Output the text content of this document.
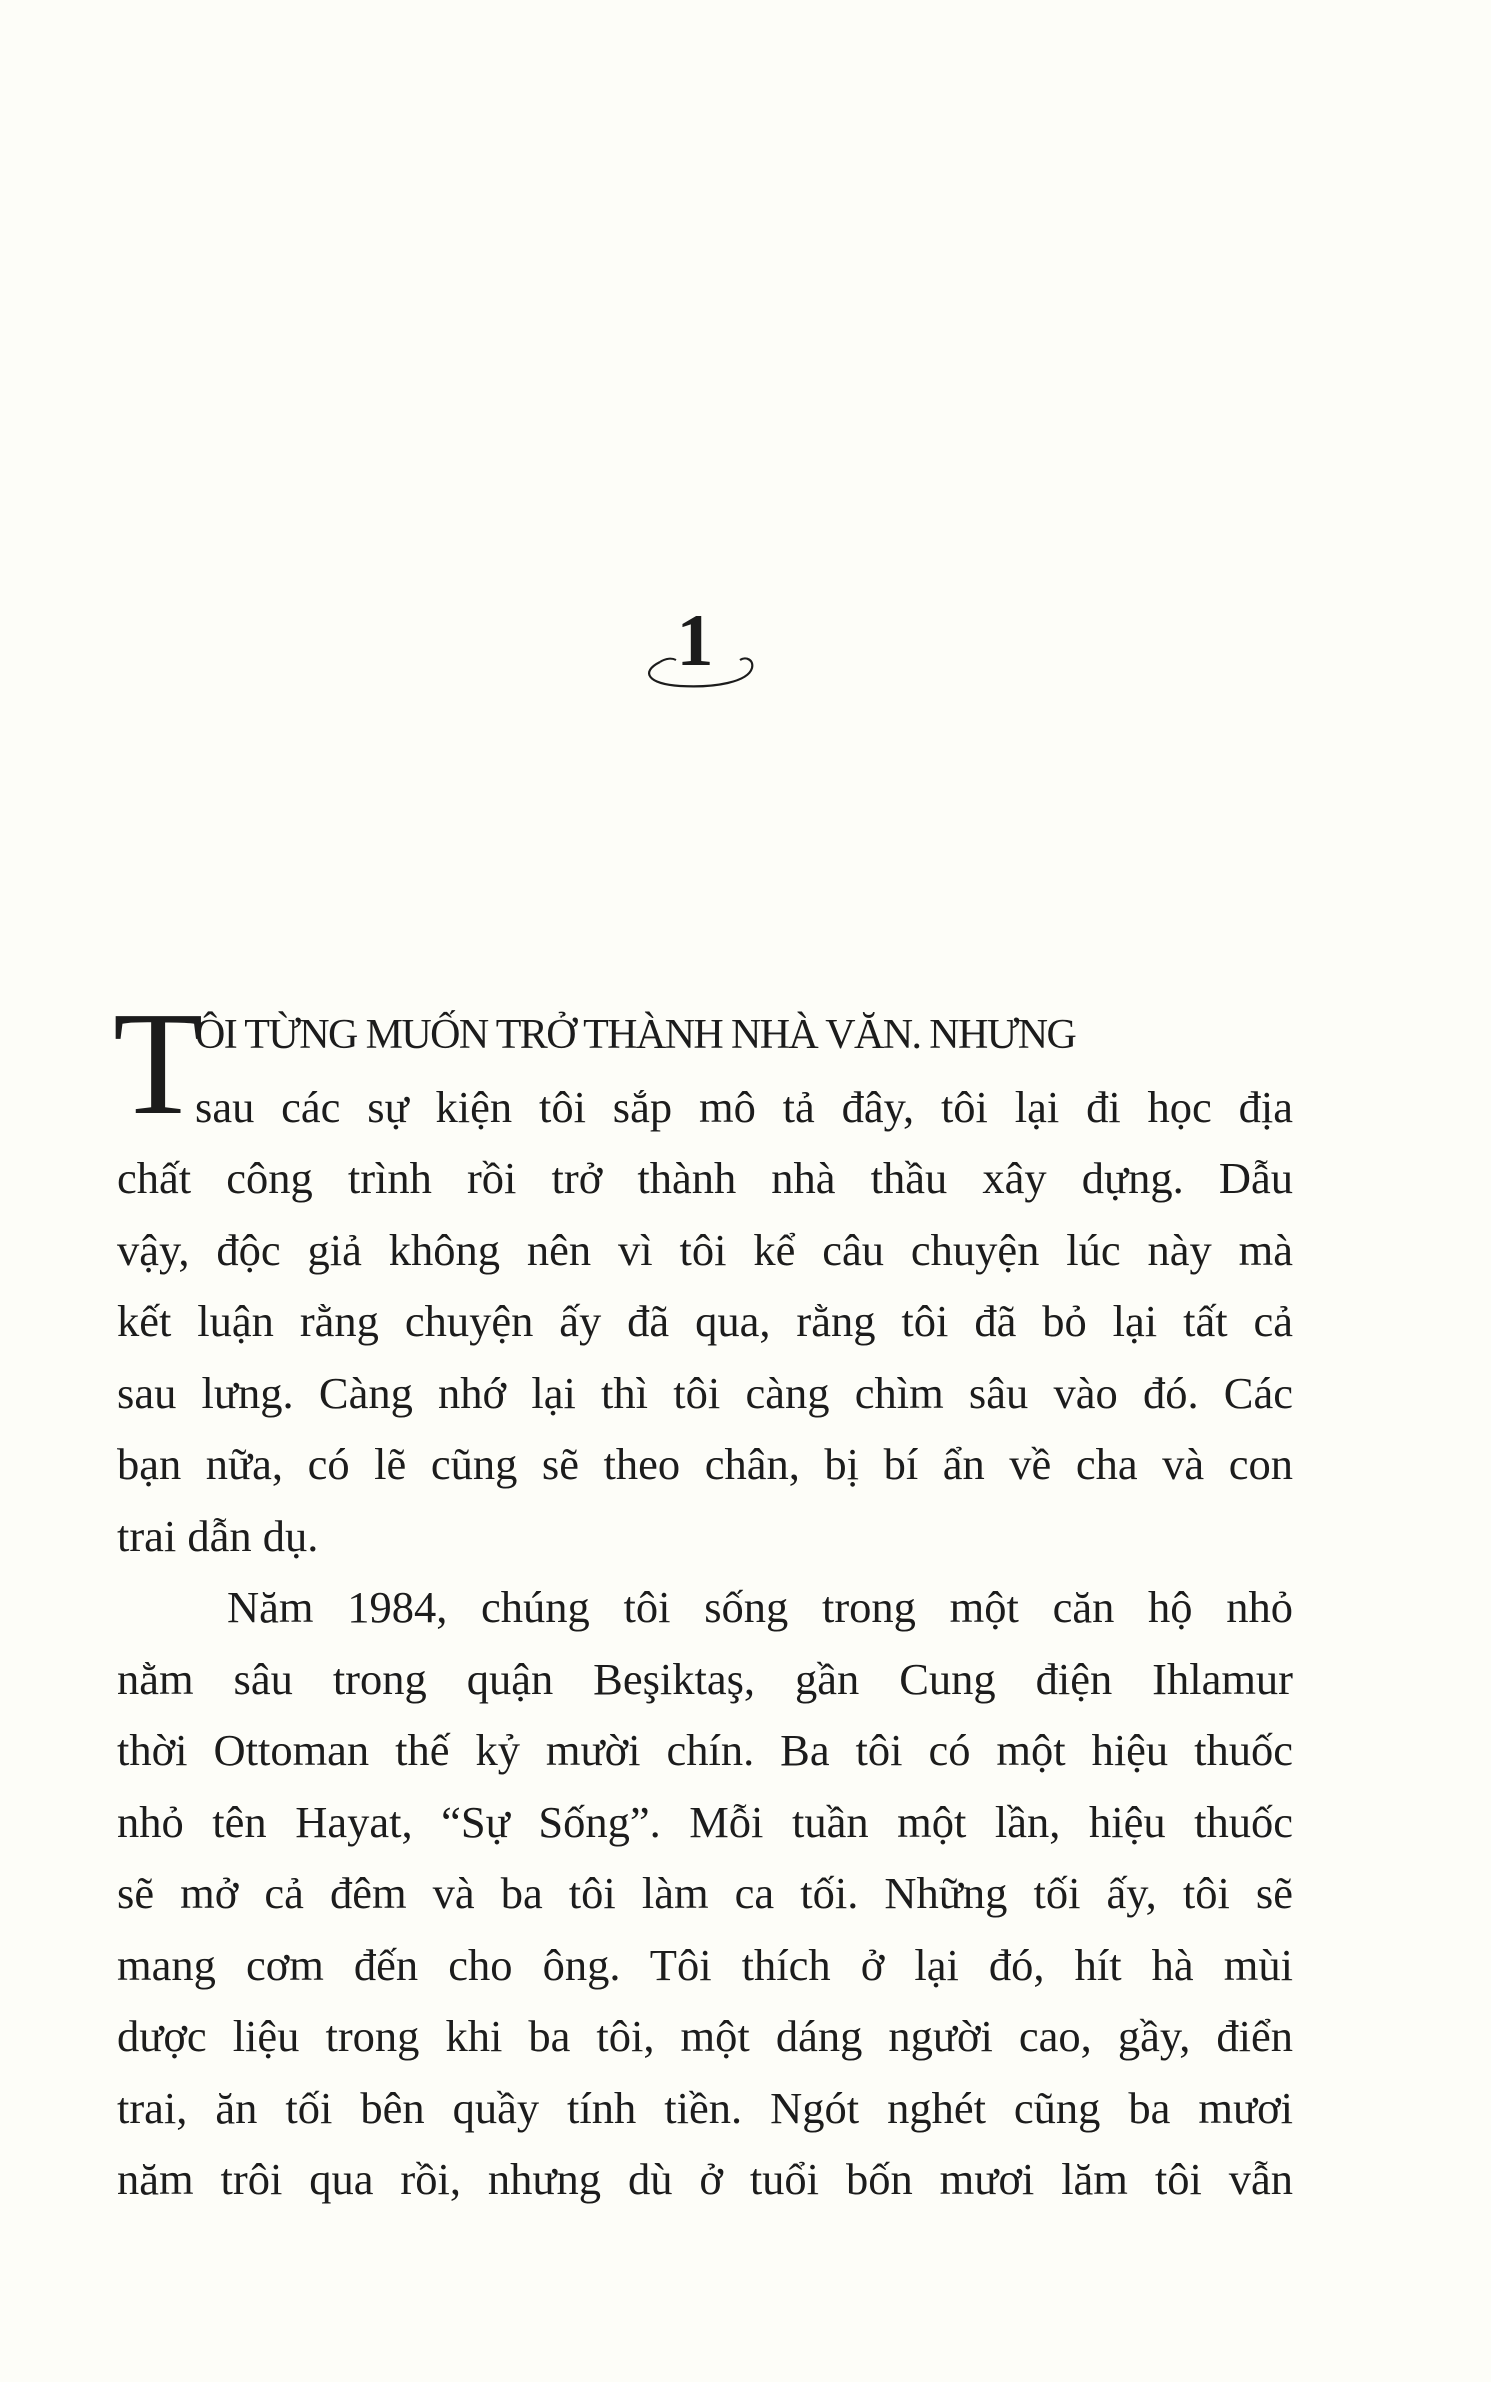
1
T
ÔI TỪNG MUỐN TRỞ THÀNH NHÀ VĂN. NHƯNG
sau các sự kiện tôi sắp mô tả đây, tôi lại đi học địa
chất công trình rồi trở thành nhà thầu xây dựng. Dẫu
vậy, độc giả không nên vì tôi kể câu chuyện lúc này mà
kết luận rằng chuyện ấy đã qua, rằng tôi đã bỏ lại tất cả
sau lưng. Càng nhớ lại thì tôi càng chìm sâu vào đó. Các
bạn nữa, có lẽ cũng sẽ theo chân, bị bí ẩn về cha và con
trai dẫn dụ.
Năm 1984, chúng tôi sống trong một căn hộ nhỏ
nằm sâu trong quận Beşiktaş, gần Cung điện Ihlamur
thời Ottoman thế kỷ mười chín. Ba tôi có một hiệu thuốc
nhỏ tên Hayat, “Sự Sống”. Mỗi tuần một lần, hiệu thuốc
sẽ mở cả đêm và ba tôi làm ca tối. Những tối ấy, tôi sẽ
mang cơm đến cho ông. Tôi thích ở lại đó, hít hà mùi
dược liệu trong khi ba tôi, một dáng người cao, gầy, điển
trai, ăn tối bên quầy tính tiền. Ngót nghét cũng ba mươi
năm trôi qua rồi, nhưng dù ở tuổi bốn mươi lăm tôi vẫn
